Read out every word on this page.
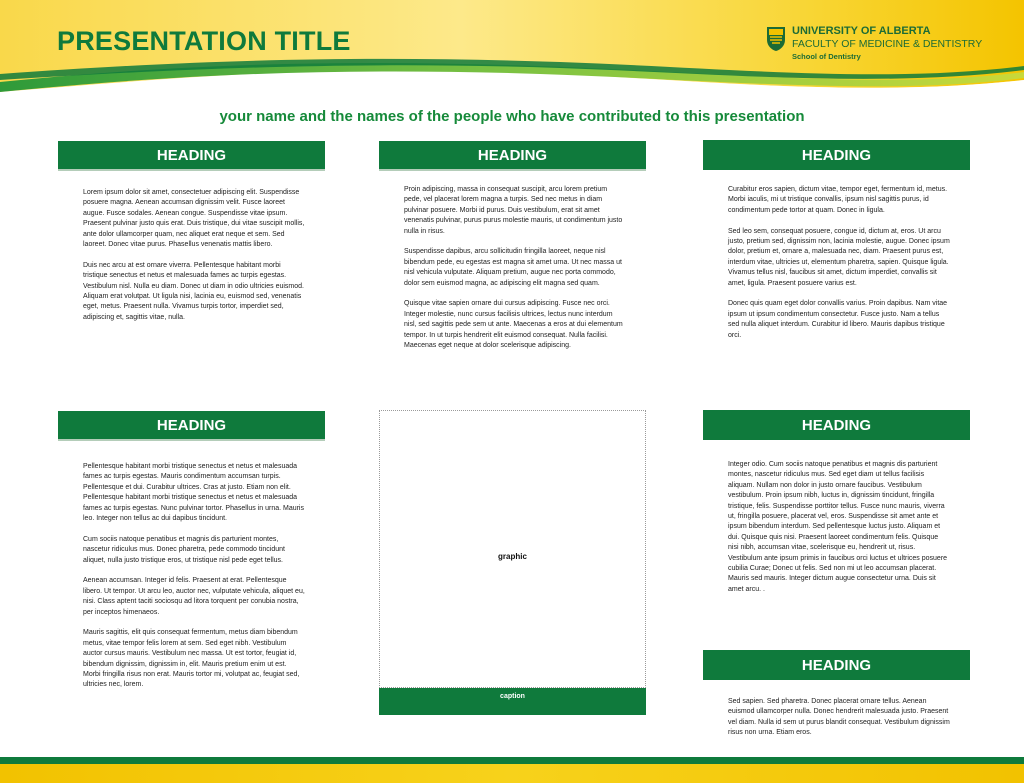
PRESENTATION TITLE	UNIVERSITY OF ALBERTA
FACULTY OF MEDICINE & DENTISTRY
School of Dentistry
your name and the names of the people who have contributed to this presentation
HEADING

Lorem ipsum dolor sit amet, consectetuer adipiscing elit. Suspendisse posuere magna. Aenean accumsan dignissim velit. Fusce laoreet augue. Fusce sodales. Aenean congue. Suspendisse vitae ipsum. Praesent pulvinar justo quis erat. Duis tristique, dui vitae suscipit mollis, ante dolor ullamcorper quam, nec aliquet erat neque et sem. Sed laoreet. Donec vitae purus. Phasellus venenatis mattis libero.

Duis nec arcu at est ornare viverra. Pellentesque habitant morbi tristique senectus et netus et malesuada fames ac turpis egestas. Vestibulum nisl. Nulla eu diam. Donec ut diam in odio ultricies euismod. Aliquam erat volutpat. Ut ligula nisi, lacinia eu, euismod sed, venenatis eget, metus. Praesent nulla. Vivamus turpis tortor, imperdiet sed, adipiscing et, sagittis vitae, nulla.

HEADING

Proin adipiscing, massa in consequat suscipit, arcu lorem pretium pede, vel placerat lorem magna a turpis. Sed nec metus in diam pulvinar posuere. Morbi id purus. Duis vestibulum, erat sit amet venenatis pulvinar, purus purus molestie mauris, ut condimentum justo nulla in risus.

Suspendisse dapibus, arcu sollicitudin fringilla laoreet, neque nisl bibendum pede, eu egestas est magna sit amet urna. Ut nec massa ut nisl vehicula vulputate. Aliquam pretium, augue nec porta commodo, dolor sem euismod magna, ac adipiscing elit magna sed quam.

Quisque vitae sapien ornare dui cursus adipiscing. Fusce nec orci. Integer molestie, nunc cursus facilisis ultrices, lectus nunc interdum nisl, sed sagittis pede sem ut ante. Maecenas a eros at dui elementum tempor. In ut turpis hendrerit elit euismod consequat. Nulla facilisi. Maecenas eget neque at dolor scelerisque adipiscing.

HEADING

Curabitur eros sapien, dictum vitae, tempor eget, fermentum id, metus. Morbi iaculis, mi ut tristique convallis, ipsum nisl sagittis purus, id condimentum pede tortor at quam. Donec in ligula.

Sed leo sem, consequat posuere, congue id, dictum at, eros. Ut arcu justo, pretium sed, dignissim non, lacinia molestie, augue. Donec ipsum dolor, pretium et, ornare a, malesuada nec, diam. Praesent purus est, interdum vitae, ultricies ut, elementum pharetra, sapien. Quisque ligula. Vivamus tellus nisl, faucibus sit amet, dictum imperdiet, convallis sit amet, ligula. Praesent posuere varius est.

Donec quis quam eget dolor convallis varius. Proin dapibus. Nam vitae ipsum ut ipsum condimentum consectetur. Fusce justo. Nam a tellus sed nulla aliquet interdum. Curabitur id libero. Mauris dapibus tristique orci.

HEADING

Pellentesque habitant morbi tristique senectus et netus et malesuada fames ac turpis egestas. Mauris condimentum accumsan turpis. Pellentesque et dui. Curabitur ultrices. Cras at justo. Etiam non elit. Pellentesque habitant morbi tristique senectus et netus et malesuada fames ac turpis egestas. Nunc pulvinar tortor. Phasellus in urna. Mauris leo. Integer non tellus ac dui dapibus tincidunt.

Cum sociis natoque penatibus et magnis dis parturient montes, nascetur ridiculus mus. Donec pharetra, pede commodo tincidunt aliquet, nulla justo tristique eros, ut tristique nisl pede eget tellus.

Aenean accumsan. Integer id felis. Praesent at erat. Pellentesque libero. Ut tempor. Ut arcu leo, auctor nec, vulputate vehicula, aliquet eu, nisi. Class aptent taciti sociosqu ad litora torquent per conubia nostra, per inceptos himenaeos.

Mauris sagittis, elit quis consequat fermentum, metus diam bibendum metus, vitae tempor felis lorem at sem. Sed eget nibh. Vestibulum auctor cursus mauris. Vestibulum nec massa. Ut est tortor, feugiat id, bibendum dignissim, dignissim in, elit. Mauris pretium enim ut est. Morbi fringilla risus non erat. Mauris tortor mi, volutpat ac, feugiat sed, ultricies nec, lorem.

graphic
caption
HEADING

Integer odio. Cum sociis natoque penatibus et magnis dis parturient montes, nascetur ridiculus mus. Sed eget diam ut tellus facilisis aliquam. Nullam non dolor in justo ornare faucibus. Vestibulum vestibulum. Proin ipsum nibh, luctus in, dignissim tincidunt, fringilla tristique, felis. Suspendisse porttitor tellus. Fusce nunc mauris, viverra ut, fringilla posuere, placerat vel, eros. Suspendisse sit amet ante et ipsum bibendum interdum. Sed pellentesque luctus justo. Aliquam et dui. Quisque quis nisi. Praesent laoreet condimentum felis. Quisque nisi nibh, accumsan vitae, scelerisque eu, hendrerit ut, risus. Vestibulum ante ipsum primis in faucibus orci luctus et ultrices posuere cubilia Curae; Donec ut felis. Sed non mi ut leo accumsan placerat. Mauris sed mauris. Integer dictum augue consectetur urna. Duis sit amet arcu. .

HEADING

Sed sapien. Sed pharetra. Donec placerat ornare tellus. Aenean euismod ullamcorper nulla. Donec hendrerit malesuada justo. Praesent vel diam. Nulla id sem ut purus blandit consequat. Vestibulum dignissim risus non urna. Etiam eros.
